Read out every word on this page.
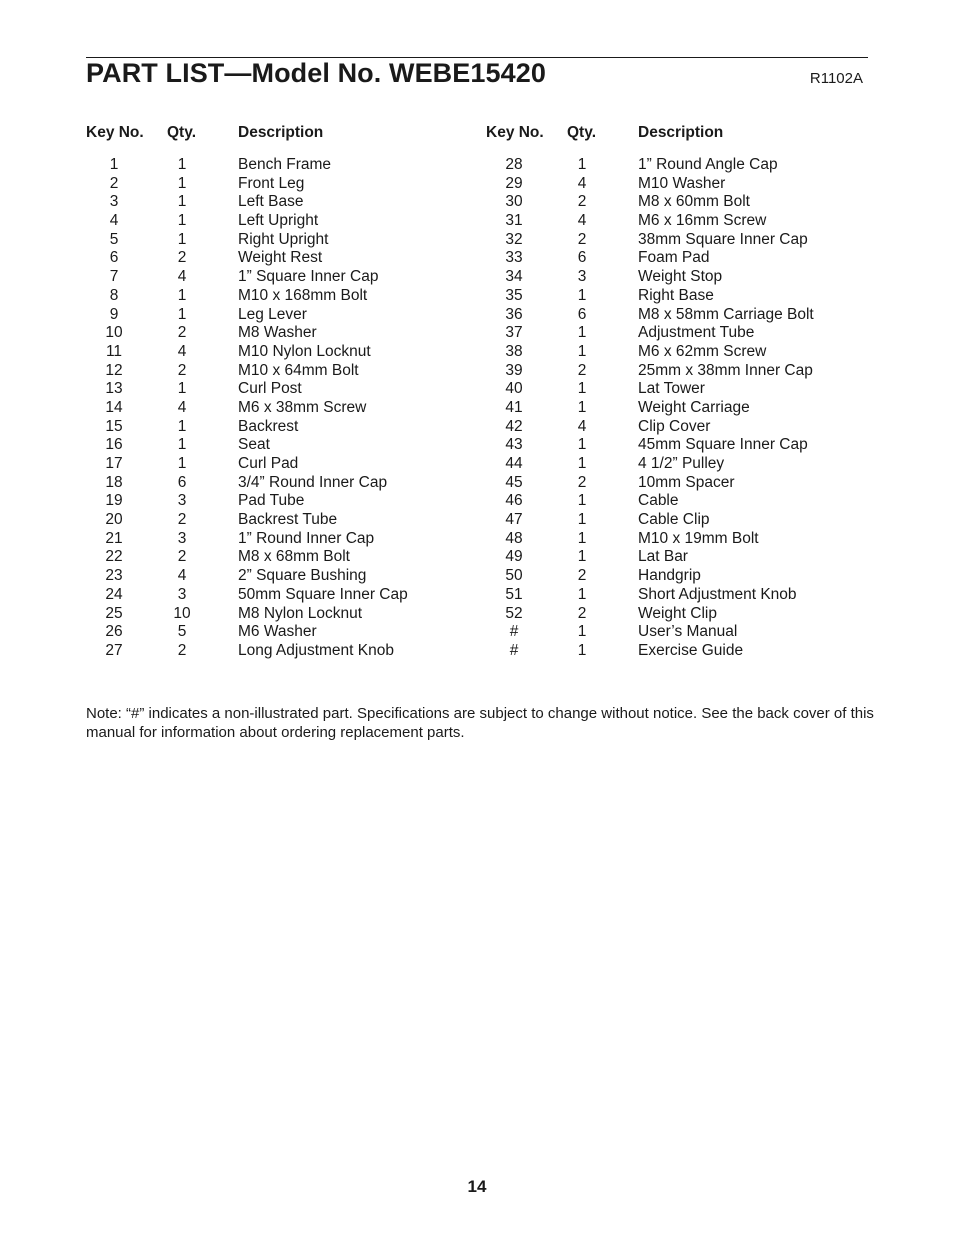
PART LIST—Model No. WEBE15420	R1102A
Key No. Qty.	Description
1	1	Bench Frame
2	1	Front Leg
3	1	Left Base
4	1	Left Upright
5	1	Right Upright
6	2	Weight Rest
7	4	1” Square Inner Cap
8	1	M10 x 168mm Bolt
9	1	Leg Lever
10	2	M8 Washer
11	4	M10 Nylon Locknut
12	2	M10 x 64mm Bolt
13	1	Curl Post
14	4	M6 x 38mm Screw
15	1	Backrest
16	1	Seat
17	1	Curl Pad
18	6	3/4” Round Inner Cap
19	3	Pad Tube
20	2	Backrest Tube
21	3	1” Round Inner Cap
22	2	M8 x 68mm Bolt
23	4	2” Square Bushing
24	3	50mm Square Inner Cap
25	10	M8 Nylon Locknut
26	5	M6 Washer
27	2	Long Adjustment Knob
Key No. Qty.	Description
28	1	1” Round Angle Cap
29	4	M10 Washer
30	2	M8 x 60mm Bolt
31	4	M6 x 16mm Screw
32	2	38mm Square Inner Cap
33	6	Foam Pad
34	3	Weight Stop
35	1	Right Base
36	6	M8 x 58mm Carriage Bolt
37	1	Adjustment Tube
38	1	M6 x 62mm Screw
39	2	25mm x 38mm Inner Cap
40	1	Lat Tower
41	1	Weight Carriage
42	4	Clip Cover
43	1	45mm Square Inner Cap
44	1	4 1/2” Pulley
45	2	10mm Spacer
46	1	Cable
47	1	Cable Clip
48	1	M10 x 19mm Bolt
49	1	Lat Bar
50	2	Handgrip
51	1	Short Adjustment Knob
52	2	Weight Clip
#	1	User’s Manual
#	1	Exercise Guide
Note: “#” indicates a non-illustrated part. Specifications are subject to change without notice. See the back cover of this manual for information about ordering replacement parts.
14
